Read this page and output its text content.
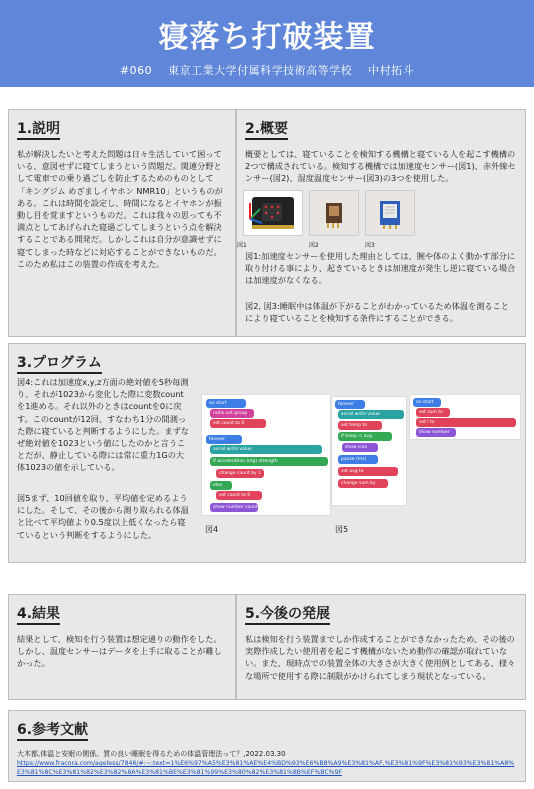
寝落ち打破装置
#060 東京工業大学付属科学技術高等学校 中村拓斗
1.説明
私が解決したいと考えた問題は日々生活していて困っている、意図せずに寝てしまうという問題だ。関連分野として電車での乗り過ごしを防止するためのものとして「キングジム めざましイヤホン NMR10」というものがある。これは時間を設定し、時間になるとイヤホンが振動し目を覚ますというものだ。これは我々の思っても不満点としてあげられた寝過ごしてしまうという点を解決することである開発だ。しかしこれは自分が意識せずに寝てしまった時などに対応することができないものだ。このため私はこの装置の作成を考えた。
2.概要
概要としては、寝ていることを検知する機構と寝ている人を起こす機構の2つで構成されている。検知する機構では加速度センサー(図1)、赤外線センサー(図2)、湿度温度センサー(図3)の3つを使用した。
図1	図2	図3
図1:加速度センサーを使用した理由としては、腕や体のよく動かす部分に取り付ける事により、起きているときは加速度が発生し逆に寝ている場合は加速度がなくなる。
図2, 図3:睡眠中は体温が下がることがわかっているため体温を測ることにより寝ていることを検知する条件にすることができる。
3.プログラム
図4:これは加速度x,y,z方面の絶対値を5秒毎測り、それが1023から変化した際に変数countを1進める。それ以外のときはcountを0に戻す。このcountが12回、すなわち1分の間測った際に寝ていると判断するようにした。まずなぜ絶対値を1023という値にしたのかと言うことだが、静止している際には常に重力1Gの大体1023の値を示している。
図5まず、10回値を取り、平均値を定めるようにした。そして、その後から測り取られる体温と比べて平均値より0.5度以上低くなったら寝ているという判断をするようにした。
on start
radio set group
set count to 0
forever
serial write value
if acceleration (mg) strength
change count by 1
else
set count to 0
show number count
図4
forever
serial write value
set temp to
if temp < avg
show icon
pause (ms)
set avg to
change sum by
図5
on start
set sum to
set i to
show number
4.結果
結果として、検知を行う装置は想定通りの動作をした。しかし、温度センサーはデータを上手に取ることが難しかった。
5.今後の発展
私は検知を行う装置までしか作成することができなかったため、その後の実際作成したい使用者を起こす機構がないため動作の確認が取れていない。また、現時点での装置全体の大きさが大きく使用例としてある、様々な場所で使用する際に制限がかけられてしまう現状となっている。
6.参考文献
大木都,体温と安眠の関係。質の良い睡眠を得るための体温管理法って？,2022.03.30
https://www.fracora.com/ageless/7846/#:~:text=1%E6%97%A5%E3%81%AE%E4%BD%93%E6%B8%A9%E3%81%AF,%E3%81%9F%E3%81%93%E3%81%A8%E3%81%8C%E3%81%82%E3%82%8A%E3%81%BE%E3%81%99%E3%80%82%E3%81%8B%EF%BC%9F
